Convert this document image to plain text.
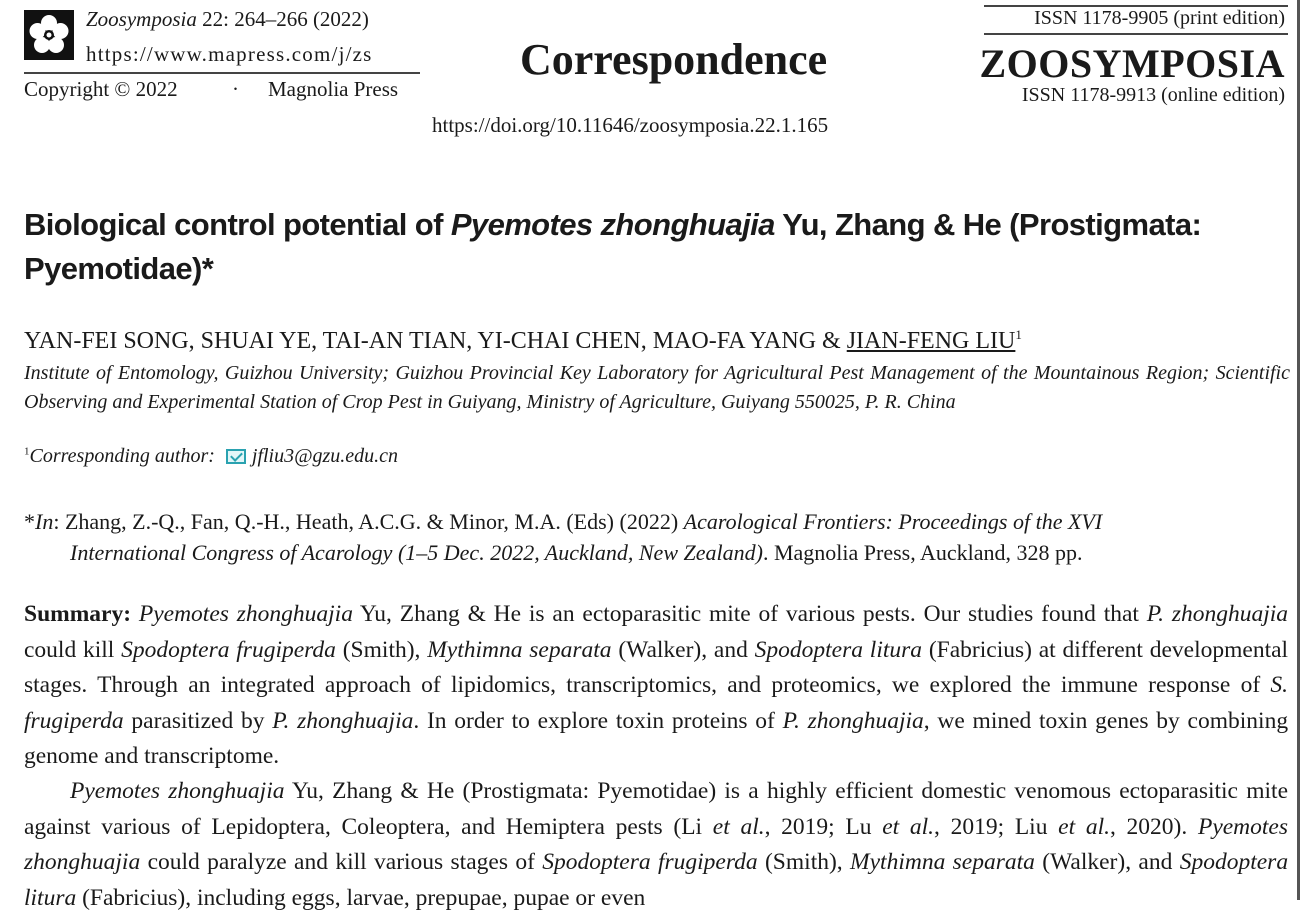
Zoosymposia 22: 264–266 (2022)
https://www.mapress.com/j/zs
Copyright © 2022	· Magnolia Press
Correspondence
https://doi.org/10.11646/zoosymposia.22.1.165
ISSN 1178-9905 (print edition)
ZOOSYMPOSIA
ISSN 1178-9913 (online edition)
Biological control potential of Pyemotes zhonghuajia Yu, Zhang & He (Prostigmata: Pyemotidae)*
YAN-FEI SONG, SHUAI YE, TAI-AN TIAN, YI-CHAI CHEN, MAO-FA YANG & JIAN-FENG LIU$^1$
Institute of Entomology, Guizhou University; Guizhou Provincial Key Laboratory for Agricultural Pest Management of the Mountainous Region; Scientific Observing and Experimental Station of Crop Pest in Guiyang, Ministry of Agriculture, Guiyang 550025, P. R. China
$^1$Corresponding author: jfliu3@gzu.edu.cn
*In: Zhang, Z.-Q., Fan, Q.-H., Heath, A.C.G. & Minor, M.A. (Eds) (2022) Acarological Frontiers: Proceedings of the XVI
International Congress of Acarology (1–5 Dec. 2022, Auckland, New Zealand). Magnolia Press, Auckland, 328 pp.
Summary: Pyemotes zhonghuajia Yu, Zhang & He is an ectoparasitic mite of various pests. Our studies found that P. zhonghuajia could kill Spodoptera frugiperda (Smith), Mythimna separata (Walker), and Spodoptera litura (Fabricius) at different developmental stages. Through an integrated approach of lipidomics, transcriptomics, and proteomics, we explored the immune response of S. frugiperda parasitized by P. zhonghuajia. In order to explore toxin proteins of P. zhonghuajia, we mined toxin genes by combining genome and transcriptome.
Pyemotes zhonghuajia Yu, Zhang & He (Prostigmata: Pyemotidae) is a highly efficient domestic venomous ectoparasitic mite against various of Lepidoptera, Coleoptera, and Hemiptera pests (Li et al., 2019; Lu et al., 2019; Liu et al., 2020). Pyemotes zhonghuajia could paralyze and kill various stages of Spodoptera frugiperda (Smith), Mythimna separata (Walker), and Spodoptera litura (Fabricius), including eggs, larvae, prepupae, pupae or even
